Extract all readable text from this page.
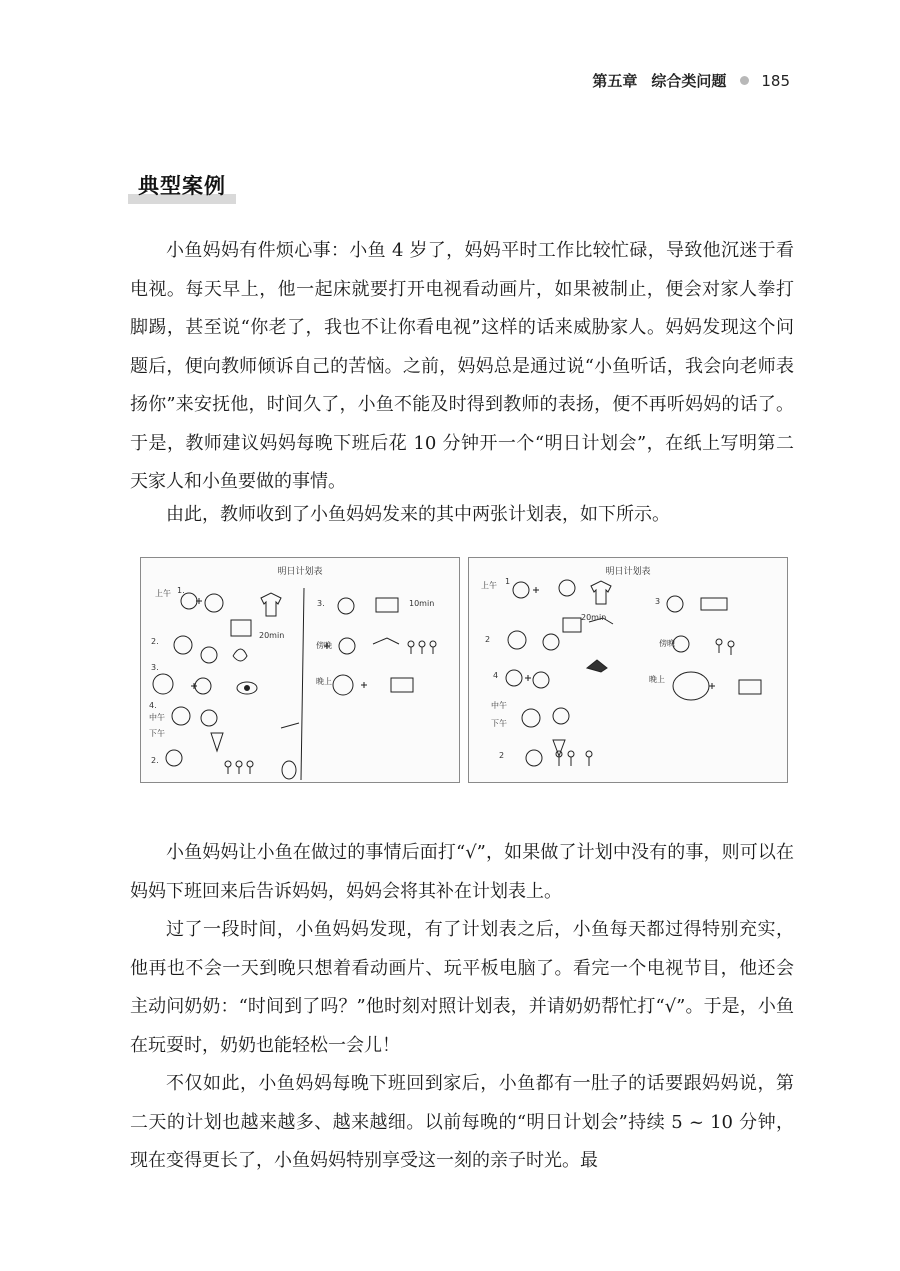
第五章 综合类问题 185
典型案例

小鱼妈妈有件烦心事：小鱼 4 岁了，妈妈平时工作比较忙碌，导致他沉迷于看电视。每天早上，他一起床就要打开电视看动画片，如果被制止，便会对家人拳打脚踢，甚至说“你老了，我也不让你看电视”这样的话来威胁家人。妈妈发现这个问题后，便向教师倾诉自己的苦恼。之前，妈妈总是通过说“小鱼听话，我会向老师表扬你”来安抚他，时间久了，小鱼不能及时得到教师的表扬，便不再听妈妈的话了。于是，教师建议妈妈每晚下班后花 10 分钟开一个“明日计划会”，在纸上写明第二天家人和小鱼要做的事情。

由此，教师收到了小鱼妈妈发来的其中两张计划表，如下所示。

明日计划表
上午 1.
2.
3.
4.
中午
下午
2.
3.
傍晚
晚上
20min
10min
明日计划表
上午 1
2
3
4
20min
傍晚
晚上
中午
下午
2

小鱼妈妈让小鱼在做过的事情后面打“√”，如果做了计划中没有的事，则可以在妈妈下班回来后告诉妈妈，妈妈会将其补在计划表上。

过了一段时间，小鱼妈妈发现，有了计划表之后，小鱼每天都过得特别充实，他再也不会一天到晚只想着看动画片、玩平板电脑了。看完一个电视节目，他还会主动问奶奶：“时间到了吗？”他时刻对照计划表，并请奶奶帮忙打“√”。于是，小鱼在玩耍时，奶奶也能轻松一会儿！

不仅如此，小鱼妈妈每晚下班回到家后，小鱼都有一肚子的话要跟妈妈说，第二天的计划也越来越多、越来越细。以前每晚的“明日计划会”持续 5 ~ 10 分钟，现在变得更长了，小鱼妈妈特别享受这一刻的亲子时光。最
